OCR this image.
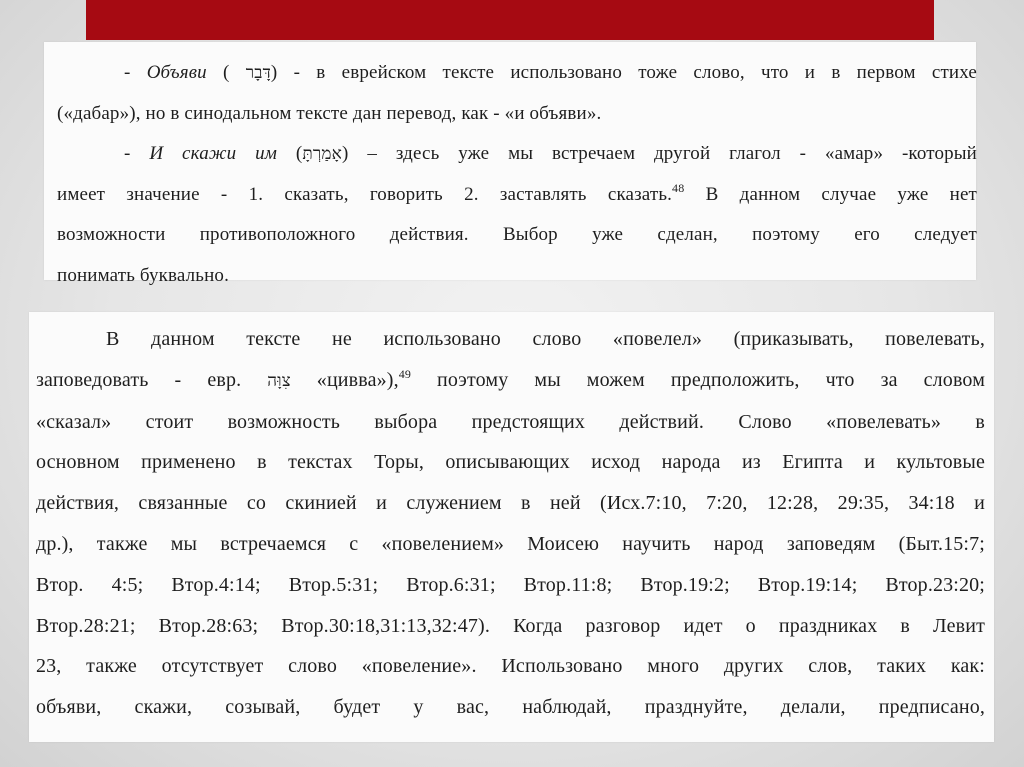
- Объяви ( דָּבָר) - в еврейском тексте использовано тоже слово, что и в первом стихе
(«дабар»), но в синодальном тексте дан перевод, как - «и объяви».
- И скажи им (אָמַרְתָּ) – здесь уже мы встречаем другой глагол - «амар» -который
имеет значение - 1. сказать, говорить 2. заставлять сказать.$^{48}$ В данном случае уже нет
возможности противоположного действия. Выбор уже сделан, поэтому его следует
понимать буквально.
В данном тексте не использовано слово «повелел» (приказывать, повелевать,
заповедовать - евр. צִוָּה «цивва»),$^{49}$ поэтому мы можем предположить, что за словом
«сказал» стоит возможность выбора предстоящих действий. Слово «повелевать» в
основном применено в текстах Торы, описывающих исход народа из Египта и культовые
действия, связанные со скинией и служением в ней (Исх.7:10, 7:20, 12:28, 29:35, 34:18 и
др.), также мы встречаемся с «повелением» Моисею научить народ заповедям (Быт.15:7;
Втор. 4:5; Втор.4:14; Втор.5:31; Втор.6:31; Втор.11:8; Втор.19:2; Втор.19:14; Втор.23:20;
Втор.28:21; Втор.28:63; Втор.30:18,31:13,32:47). Когда разговор идет о праздниках в Левит
23, также отсутствует слово «повеление». Использовано много других слов, таких как:
объяви, скажи, созывай, будет у вас, наблюдай, празднуйте, делали, предписано,
